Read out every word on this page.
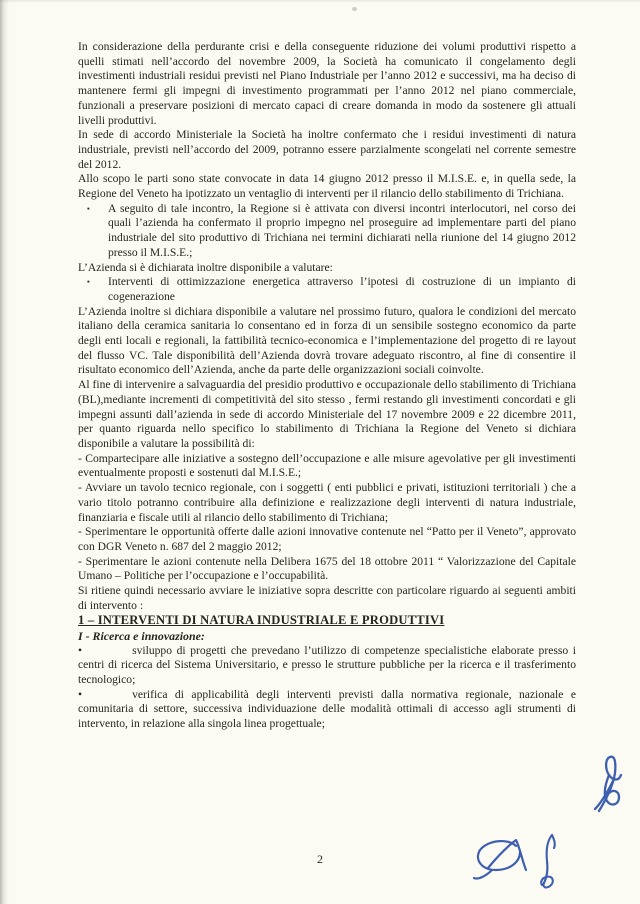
In considerazione della perdurante crisi e della conseguente riduzione dei volumi produttivi rispetto a quelli stimati nell’accordo del novembre 2009, la Società ha comunicato il congelamento degli investimenti industriali residui previsti nel Piano Industriale per l’anno 2012 e successivi, ma ha deciso di mantenere fermi gli impegni di investimento programmati per l’anno 2012 nel piano commerciale, funzionali a preservare posizioni di mercato capaci di creare domanda in modo da sostenere gli attuali livelli produttivi.

In sede di accordo Ministeriale la Società ha inoltre confermato che i residui investimenti di natura industriale, previsti nell’accordo del 2009, potranno essere parzialmente scongelati nel corrente semestre del 2012.

Allo scopo le parti sono state convocate in data 14 giugno 2012 presso il M.I.S.E. e, in quella sede, la Regione del Veneto ha ipotizzato un ventaglio di interventi per il rilancio dello stabilimento di Trichiana.

▪ A seguito di tale incontro, la Regione si è attivata con diversi incontri interlocutori, nel corso dei quali l’azienda ha confermato il proprio impegno nel proseguire ad implementare parti del piano industriale del sito produttivo di Trichiana nei termini dichiarati nella riunione del 14 giugno 2012 presso il M.I.S.E.;

L’Azienda si è dichiarata inoltre disponibile a valutare:

▪ Interventi di ottimizzazione energetica attraverso l’ipotesi di costruzione di un impianto di cogenerazione

L’Azienda inoltre si dichiara disponibile a valutare nel prossimo futuro, qualora le condizioni del mercato italiano della ceramica sanitaria lo consentano ed in forza di un sensibile sostegno economico da parte degli enti locali e regionali, la fattibilità tecnico-economica e l’implementazione del progetto di re layout del flusso VC. Tale disponibilità dell’Azienda dovrà trovare adeguato riscontro, al fine di consentire il risultato economico dell’Azienda, anche da parte delle organizzazioni sociali coinvolte.

Al fine di intervenire a salvaguardia del presidio produttivo e occupazionale dello stabilimento di Trichiana (BL),mediante incrementi di competitività del sito stesso , fermi restando gli investimenti concordati e gli impegni assunti dall’azienda in sede di accordo Ministeriale del 17 novembre 2009 e 22 dicembre 2011, per quanto riguarda nello specifico lo stabilimento di Trichiana la Regione del Veneto si dichiara disponibile a valutare la possibilità di:

- Compartecipare alle iniziative a sostegno dell’occupazione e alle misure agevolative per gli investimenti eventualmente proposti e sostenuti dal M.I.S.E.;

- Avviare un tavolo tecnico regionale, con i soggetti ( enti pubblici e privati, istituzioni territoriali ) che a vario titolo potranno contribuire alla definizione e realizzazione degli interventi di natura industriale, finanziaria e fiscale utili al rilancio dello stabilimento di Trichiana;

- Sperimentare le opportunità offerte dalle azioni innovative contenute nel “Patto per il Veneto”, approvato con DGR Veneto n. 687 del 2 maggio 2012;

- Sperimentare le azioni contenute nella Delibera 1675 del 18 ottobre 2011 “ Valorizzazione del Capitale Umano – Politiche per l’occupazione e l’occupabilità.

Si ritiene quindi necessario avviare le iniziative sopra descritte con particolare riguardo ai seguenti ambiti di intervento :

1 – INTERVENTI DI NATURA INDUSTRIALE E PRODUTTIVI

I - Ricerca e innovazione:

•	sviluppo di progetti che prevedano l’utilizzo di competenze specialistiche elaborate presso i centri di ricerca del Sistema Universitario, e presso le strutture pubbliche per la ricerca e il trasferimento tecnologico;

•	verifica di applicabilità degli interventi previsti dalla normativa regionale, nazionale e comunitaria di settore, successiva individuazione delle modalità ottimali di accesso agli strumenti di intervento, in relazione alla singola linea progettuale;

2
